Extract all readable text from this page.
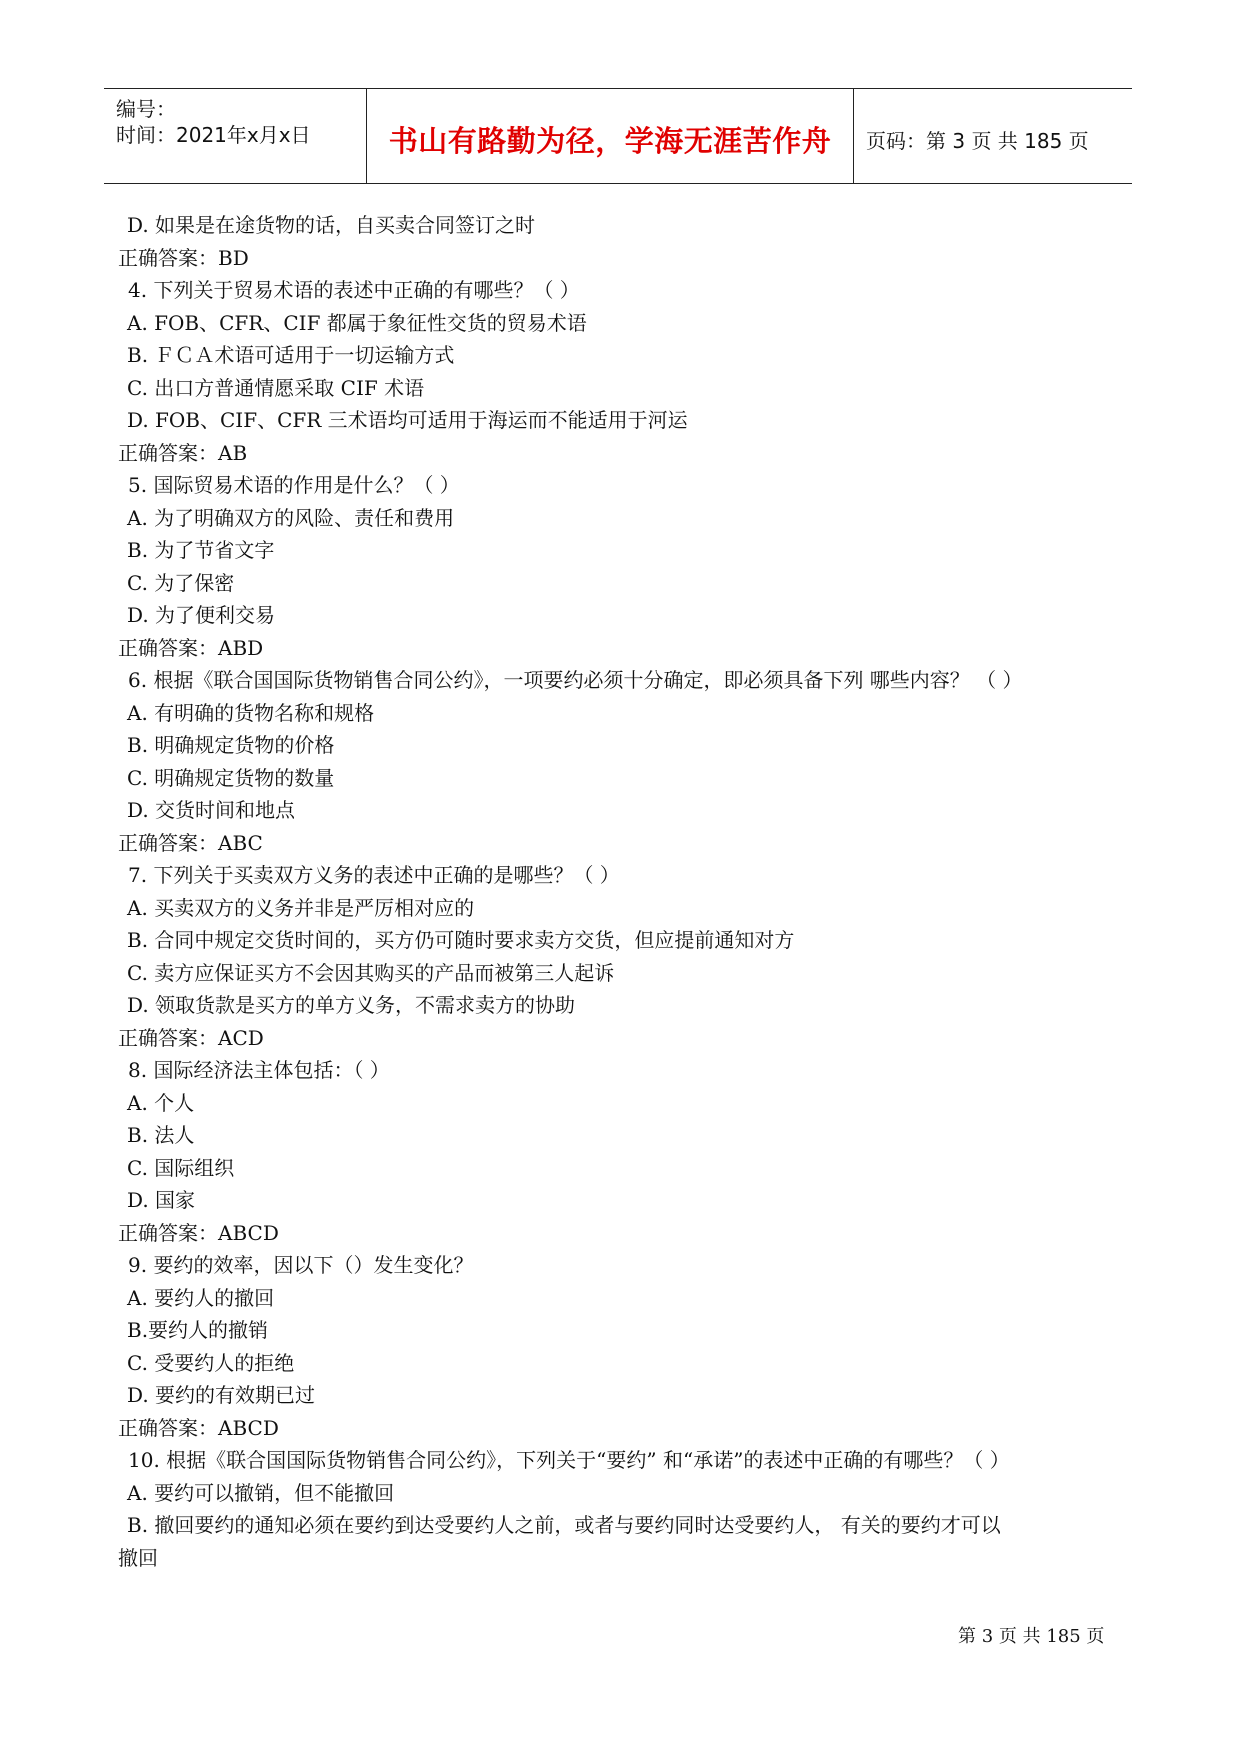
编号：
时间：2021年x月x日	书山有路勤为径，学海无涯苦作舟	页码：第 3 页 共 185 页
D. 如果是在途货物的话，自买卖合同签订之时
正确答案：BD
4. 下列关于贸易术语的表述中正确的有哪些？（ ）
A. FOB、CFR、CIF 都属于象征性交货的贸易术语
B. ＦＣＡ术语可适用于一切运输方式
C. 出口方普通情愿采取 CIF 术语
D. FOB、CIF、CFR 三术语均可适用于海运而不能适用于河运
正确答案：AB
5. 国际贸易术语的作用是什么？（ ）
A. 为了明确双方的风险、责任和费用
B. 为了节省文字
C. 为了保密
D. 为了便利交易
正确答案：ABD
6. 根据《联合国国际货物销售合同公约》，一项要约必须十分确定，即必须具备下列 哪些内容？ （ ）
A. 有明确的货物名称和规格
B. 明确规定货物的价格
C. 明确规定货物的数量
D. 交货时间和地点
正确答案：ABC
7. 下列关于买卖双方义务的表述中正确的是哪些？（ ）
A. 买卖双方的义务并非是严厉相对应的
B. 合同中规定交货时间的，买方仍可随时要求卖方交货，但应提前通知对方
C. 卖方应保证买方不会因其购买的产品而被第三人起诉
D. 领取货款是买方的单方义务，不需求卖方的协助
正确答案：ACD
8. 国际经济法主体包括：（ ）
A. 个人
B. 法人
C. 国际组织
D. 国家
正确答案：ABCD
9. 要约的效率，因以下（）发生变化？
A. 要约人的撤回
B.要约人的撤销
C. 受要约人的拒绝
D. 要约的有效期已过
正确答案：ABCD
10. 根据《联合国国际货物销售合同公约》，下列关于“要约” 和“承诺”的表述中正确的有哪些？（ ）
A. 要约可以撤销，但不能撤回
B. 撤回要约的通知必须在要约到达受要约人之前，或者与要约同时达受要约人， 有关的要约才可以
撤回
第 3 页 共 185 页
